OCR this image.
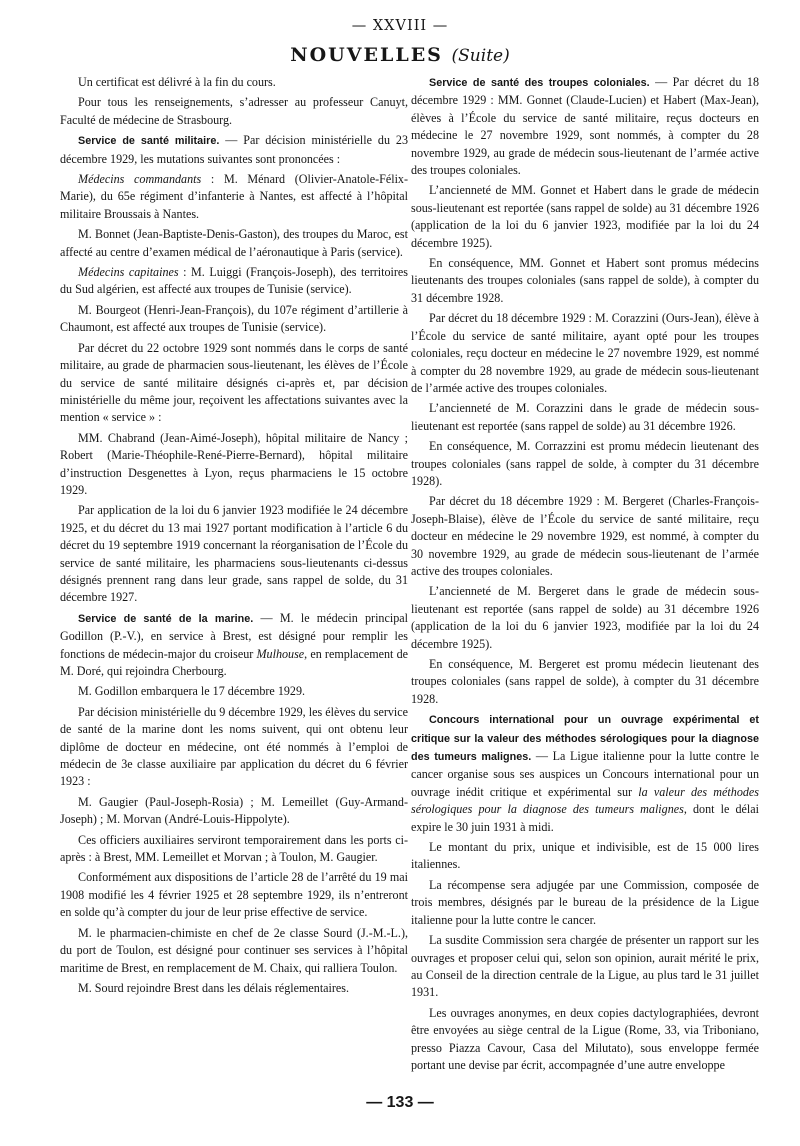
— XXVIII —
NOUVELLES (Suite)

Un certificat est délivré à la fin du cours.

Pour tous les renseignements, s’adresser au professeur Canuyt, Faculté de médecine de Strasbourg.

Service de santé militaire. — Par décision ministérielle du 23 décembre 1929, les mutations suivantes sont prononcées :

Médecins commandants : M. Ménard (Olivier-Anatole-Félix-Marie), du 65e régiment d’infanterie à Nantes, est affecté à l’hôpital militaire Broussais à Nantes.

M. Bonnet (Jean-Baptiste-Denis-Gaston), des troupes du Maroc, est affecté au centre d’examen médical de l’aéronautique à Paris (service).

Médecins capitaines : M. Luiggi (François-Joseph), des territoires du Sud algérien, est affecté aux troupes de Tunisie (service).

M. Bourgeot (Henri-Jean-François), du 107e régiment d’artillerie à Chaumont, est affecté aux troupes de Tunisie (service).

Par décret du 22 octobre 1929 sont nommés dans le corps de santé militaire, au grade de pharmacien sous-lieutenant, les élèves de l’École du service de santé militaire désignés ci-après et, par décision ministérielle du même jour, reçoivent les affectations suivantes avec la mention « service » :

MM. Chabrand (Jean-Aimé-Joseph), hôpital militaire de Nancy ; Robert (Marie-Théophile-René-Pierre-Bernard), hôpital militaire d’instruction Desgenettes à Lyon, reçus pharmaciens le 15 octobre 1929.

Par application de la loi du 6 janvier 1923 modifiée le 24 décembre 1925, et du décret du 13 mai 1927 portant modification à l’article 6 du décret du 19 septembre 1919 concernant la réorganisation de l’École du service de santé militaire, les pharmaciens sous-lieutenants ci-dessus désignés prennent rang dans leur grade, sans rappel de solde, du 31 décembre 1927.

Service de santé de la marine. — M. le médecin principal Godillon (P.-V.), en service à Brest, est désigné pour remplir les fonctions de médecin-major du croiseur Mulhouse, en remplacement de M. Doré, qui rejoindra Cherbourg.

M. Godillon embarquera le 17 décembre 1929.

Par décision ministérielle du 9 décembre 1929, les élèves du service de santé de la marine dont les noms suivent, qui ont obtenu leur diplôme de docteur en médecine, ont été nommés à l’emploi de médecin de 3e classe auxiliaire par application du décret du 6 février 1923 :

M. Gaugier (Paul-Joseph-Rosia) ; M. Lemeillet (Guy-Armand-Joseph) ; M. Morvan (André-Louis-Hippolyte).

Ces officiers auxiliaires serviront temporairement dans les ports ci-après : à Brest, MM. Lemeillet et Morvan ; à Toulon, M. Gaugier.

Conformément aux dispositions de l’article 28 de l’arrêté du 19 mai 1908 modifié les 4 février 1925 et 28 septembre 1929, ils n’entreront en solde qu’à compter du jour de leur prise effective de service.

M. le pharmacien-chimiste en chef de 2e classe Sourd (J.-M.-L.), du port de Toulon, est désigné pour continuer ses services à l’hôpital maritime de Brest, en remplacement de M. Chaix, qui ralliera Toulon.

M. Sourd rejoindre Brest dans les délais réglementaires.

Service de santé des troupes coloniales. — Par décret du 18 décembre 1929 : MM. Gonnet (Claude-Lucien) et Habert (Max-Jean), élèves à l’École du service de santé militaire, reçus docteurs en médecine le 27 novembre 1929, sont nommés, à compter du 28 novembre 1929, au grade de médecin sous-lieutenant de l’armée active des troupes coloniales.

L’ancienneté de MM. Gonnet et Habert dans le grade de médecin sous-lieutenant est reportée (sans rappel de solde) au 31 décembre 1926 (application de la loi du 6 janvier 1923, modifiée par la loi du 24 décembre 1925).

En conséquence, MM. Gonnet et Habert sont promus médecins lieutenants des troupes coloniales (sans rappel de solde), à compter du 31 décembre 1928.

Par décret du 18 décembre 1929 : M. Corazzini (Ours-Jean), élève à l’École du service de santé militaire, ayant opté pour les troupes coloniales, reçu docteur en médecine le 27 novembre 1929, est nommé à compter du 28 novembre 1929, au grade de médecin sous-lieutenant de l’armée active des troupes coloniales.

L’ancienneté de M. Corazzini dans le grade de médecin sous-lieutenant est reportée (sans rappel de solde) au 31 décembre 1926.

En conséquence, M. Corrazzini est promu médecin lieutenant des troupes coloniales (sans rappel de solde, à compter du 31 décembre 1928).

Par décret du 18 décembre 1929 : M. Bergeret (Charles-François-Joseph-Blaise), élève de l’École du service de santé militaire, reçu docteur en médecine le 29 novembre 1929, est nommé, à compter du 30 novembre 1929, au grade de médecin sous-lieutenant de l’armée active des troupes coloniales.

L’ancienneté de M. Bergeret dans le grade de médecin sous-lieutenant est reportée (sans rappel de solde) au 31 décembre 1926 (application de la loi du 6 janvier 1923, modifiée par la loi du 24 décembre 1925).

En conséquence, M. Bergeret est promu médecin lieutenant des troupes coloniales (sans rappel de solde), à compter du 31 décembre 1928.

Concours international pour un ouvrage expérimental et critique sur la valeur des méthodes sérologiques pour la diagnose des tumeurs malignes. — La Ligue italienne pour la lutte contre le cancer organise sous ses auspices un Concours international pour un ouvrage inédit critique et expérimental sur la valeur des méthodes sérologiques pour la diagnose des tumeurs malignes, dont le délai expire le 30 juin 1931 à midi.

Le montant du prix, unique et indivisible, est de 15 000 lires italiennes.

La récompense sera adjugée par une Commission, composée de trois membres, désignés par le bureau de la présidence de la Ligue italienne pour la lutte contre le cancer.

La susdite Commission sera chargée de présenter un rapport sur les ouvrages et proposer celui qui, selon son opinion, aurait mérité le prix, au Conseil de la direction centrale de la Ligue, au plus tard le 31 juillet 1931.

Les ouvrages anonymes, en deux copies dactylographiées, devront être envoyées au siège central de la Ligue (Rome, 33, via Triboniano, presso Piazza Cavour, Casa del Milutato), sous enveloppe fermée portant une devise par écrit, accompagnée d’une autre enveloppe

— 133 —
